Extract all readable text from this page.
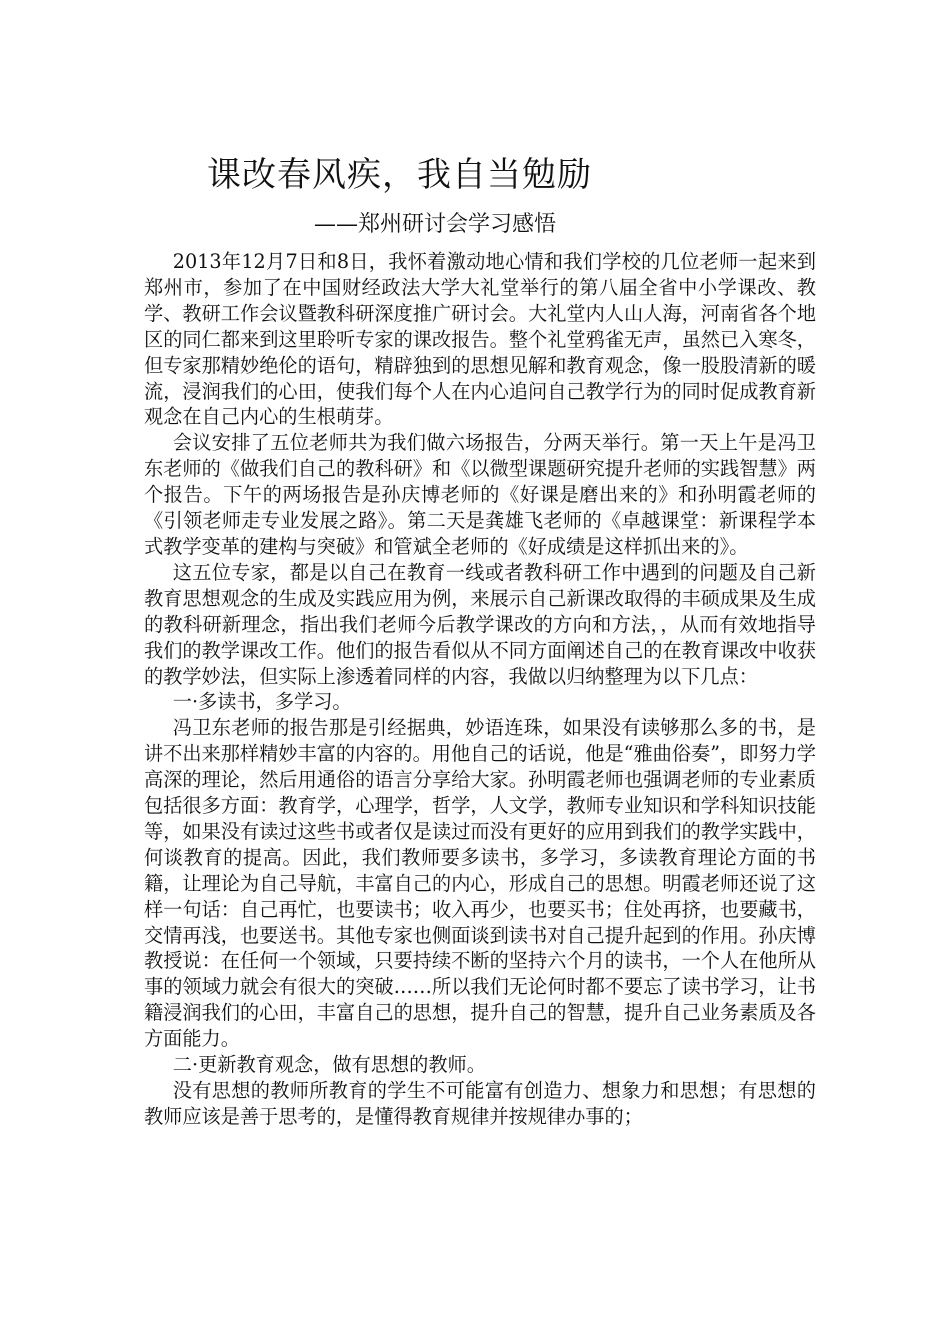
课改春风疾，我自当勉励
——郑州研讨会学习感悟

2013年12月7日和8日，我怀着激动地心情和我们学校的几位老师一起来到郑州市，参加了在中国财经政法大学大礼堂举行的第八届全省中小学课改、教学、教研工作会议暨教科研深度推广研讨会。大礼堂内人山人海，河南省各个地区的同仁都来到这里聆听专家的课改报告。整个礼堂鸦雀无声，虽然已入寒冬，但专家那精妙绝伦的语句，精辟独到的思想见解和教育观念，像一股股清新的暖流，浸润我们的心田，使我们每个人在内心追问自己教学行为的同时促成教育新观念在自己内心的生根萌芽。

会议安排了五位老师共为我们做六场报告，分两天举行。第一天上午是冯卫东老师的《做我们自己的教科研》和《以微型课题研究提升老师的实践智慧》两个报告。下午的两场报告是孙庆博老师的《好课是磨出来的》和孙明霞老师的《引领老师走专业发展之路》。第二天是龚雄飞老师的《卓越课堂：新课程学本式教学变革的建构与突破》和管斌全老师的《好成绩是这样抓出来的》。

这五位专家，都是以自己在教育一线或者教科研工作中遇到的问题及自己新教育思想观念的生成及实践应用为例，来展示自己新课改取得的丰硕成果及生成的教科研新理念，指出我们老师今后教学课改的方向和方法，，从而有效地指导我们的教学课改工作。他们的报告看似从不同方面阐述自己的在教育课改中收获的教学妙法，但实际上渗透着同样的内容，我做以归纳整理为以下几点：

一·多读书，多学习。

冯卫东老师的报告那是引经据典，妙语连珠，如果没有读够那么多的书，是讲不出来那样精妙丰富的内容的。用他自己的话说，他是“雅曲俗奏”，即努力学高深的理论，然后用通俗的语言分享给大家。孙明霞老师也强调老师的专业素质包括很多方面：教育学，心理学，哲学，人文学，教师专业知识和学科知识技能等，如果没有读过这些书或者仅是读过而没有更好的应用到我们的教学实践中，何谈教育的提高。因此，我们教师要多读书，多学习，多读教育理论方面的书籍，让理论为自己导航，丰富自己的内心，形成自己的思想。明霞老师还说了这样一句话：自己再忙，也要读书；收入再少，也要买书；住处再挤，也要藏书，交情再浅，也要送书。其他专家也侧面谈到读书对自己提升起到的作用。孙庆博教授说：在任何一个领域，只要持续不断的坚持六个月的读书，一个人在他所从事的领域力就会有很大的突破……所以我们无论何时都不要忘了读书学习，让书籍浸润我们的心田，丰富自己的思想，提升自己的智慧，提升自己业务素质及各方面能力。

二·更新教育观念，做有思想的教师。

没有思想的教师所教育的学生不可能富有创造力、想象力和思想；有思想的教师应该是善于思考的，是懂得教育规律并按规律办事的；
